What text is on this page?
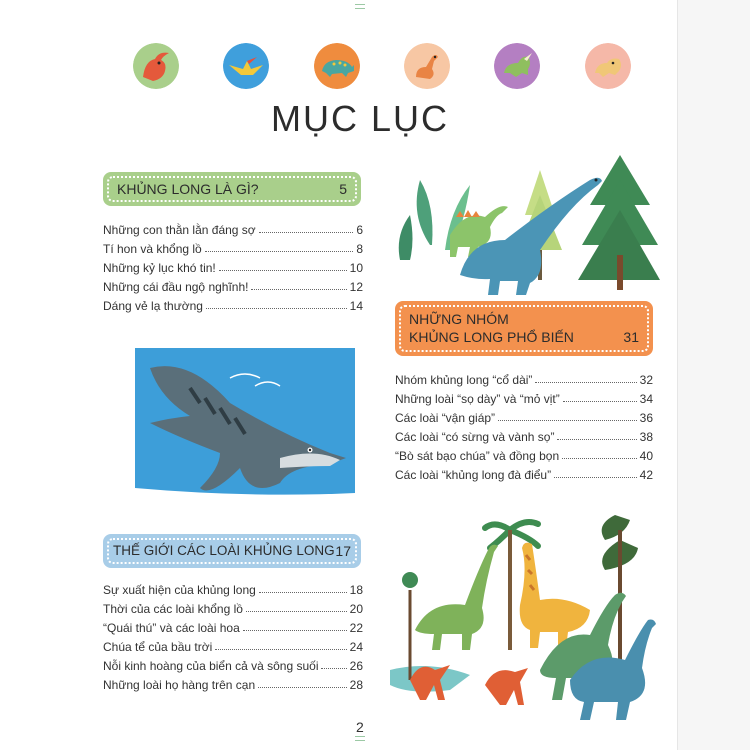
MỤC LỤC
KHỦNG LONG LÀ GÌ?	5
Những con thằn lằn đáng sợ	6
Tí hon và khổng lồ	8
Những kỷ lục khó tin!	10
Những cái đầu ngộ nghĩnh!	12
Dáng vẻ lạ thường	14
NHỮNG NHÓM
KHỦNG LONG PHỔ BIẾN	31
Nhóm khủng long “cổ dài”	32
Những loài “sọ dày” và “mỏ vịt”	34
Các loài “vận giáp”	36
Các loài “có sừng và vành sọ”	38
“Bò sát bạo chúa” và đồng bọn	40
Các loài “khủng long đà điểu”	42
THẾ GIỚI CÁC LOÀI KHỦNG LONG 17
Sự xuất hiện của khủng long	18
Thời của các loài khổng lồ	20
“Quái thú” và các loài hoa	22
Chúa tể của bầu trời	24
Nỗi kinh hoàng của biển cả và sông suối	26
Những loài họ hàng trên cạn	28
2
